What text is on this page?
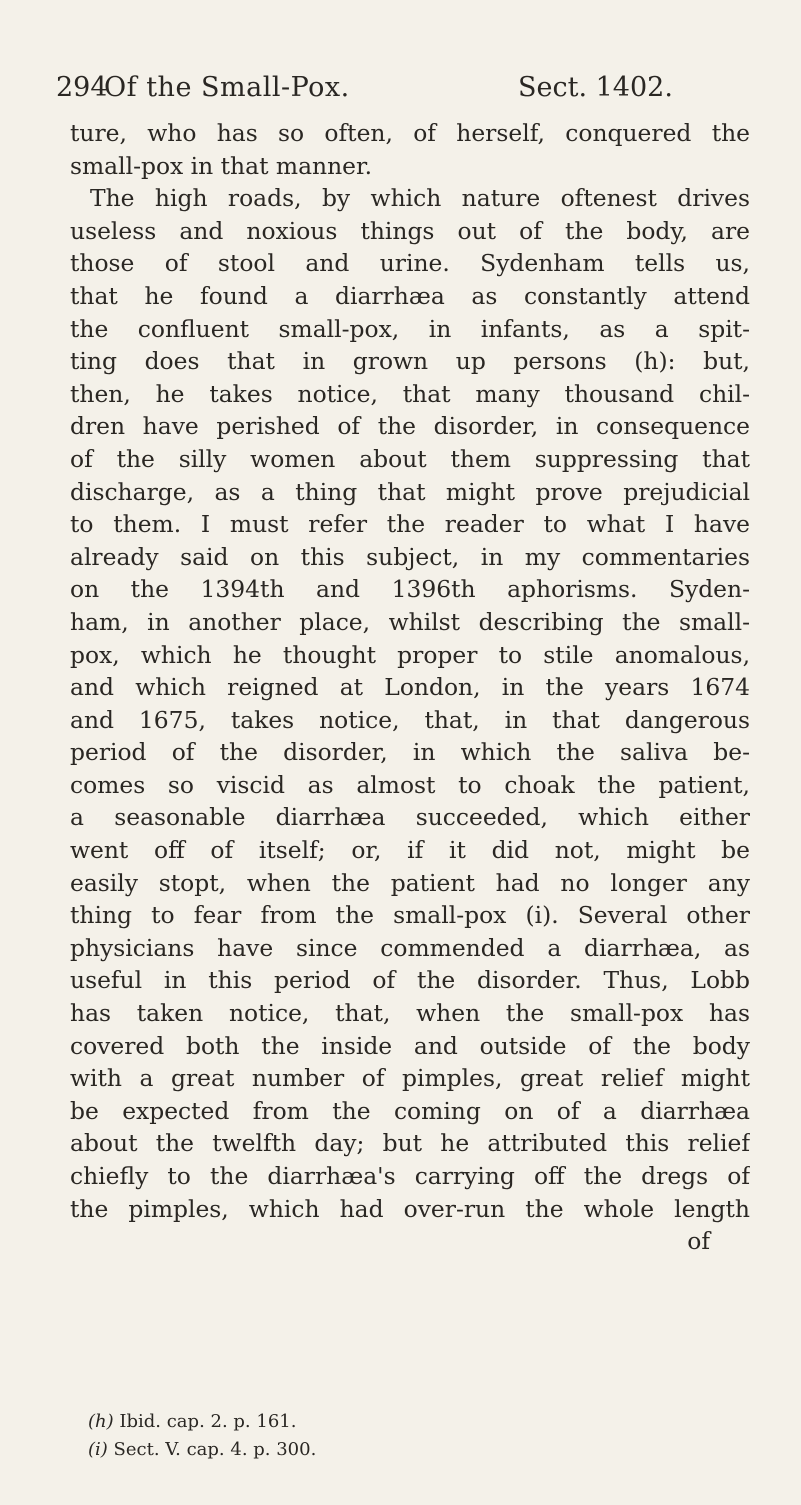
294
Of the Small-Pox.	Sect. 1402.
ture, who has so often, of herself, conquered the
small-pox in that manner.
The high roads, by which nature oftenest drives
useless and noxious things out of the body, are
those of stool and urine. Sydenham tells us,
that he found a diarrhæa as constantly attend
the confluent small-pox, in infants, as a spit-
ting does that in grown up persons (h): but,
then, he takes notice, that many thousand chil-
dren have perished of the disorder, in consequence
of the silly women about them suppressing that
discharge, as a thing that might prove prejudicial
to them. I must refer the reader to what I have
already said on this subject, in my commentaries
on the 1394th and 1396th aphorisms. Syden-
ham, in another place, whilst describing the small-
pox, which he thought proper to stile anomalous,
and which reigned at London, in the years 1674
and 1675, takes notice, that, in that dangerous
period of the disorder, in which the saliva be-
comes so viscid as almost to choak the patient,
a seasonable diarrhæa succeeded, which either
went off of itself; or, if it did not, might be
easily stopt, when the patient had no longer any
thing to fear from the small-pox (i). Several other
physicians have since commended a diarrhæa, as
useful in this period of the disorder. Thus, Lobb
has taken notice, that, when the small-pox has
covered both the inside and outside of the body
with a great number of pimples, great relief might
be expected from the coming on of a diarrhæa
about the twelfth day; but he attributed this relief
chiefly to the diarrhæa's carrying off the dregs of
the pimples, which had over-run the whole length
of
(h) Ibid. cap. 2. p. 161.
(i) Sect. V. cap. 4. p. 300.
